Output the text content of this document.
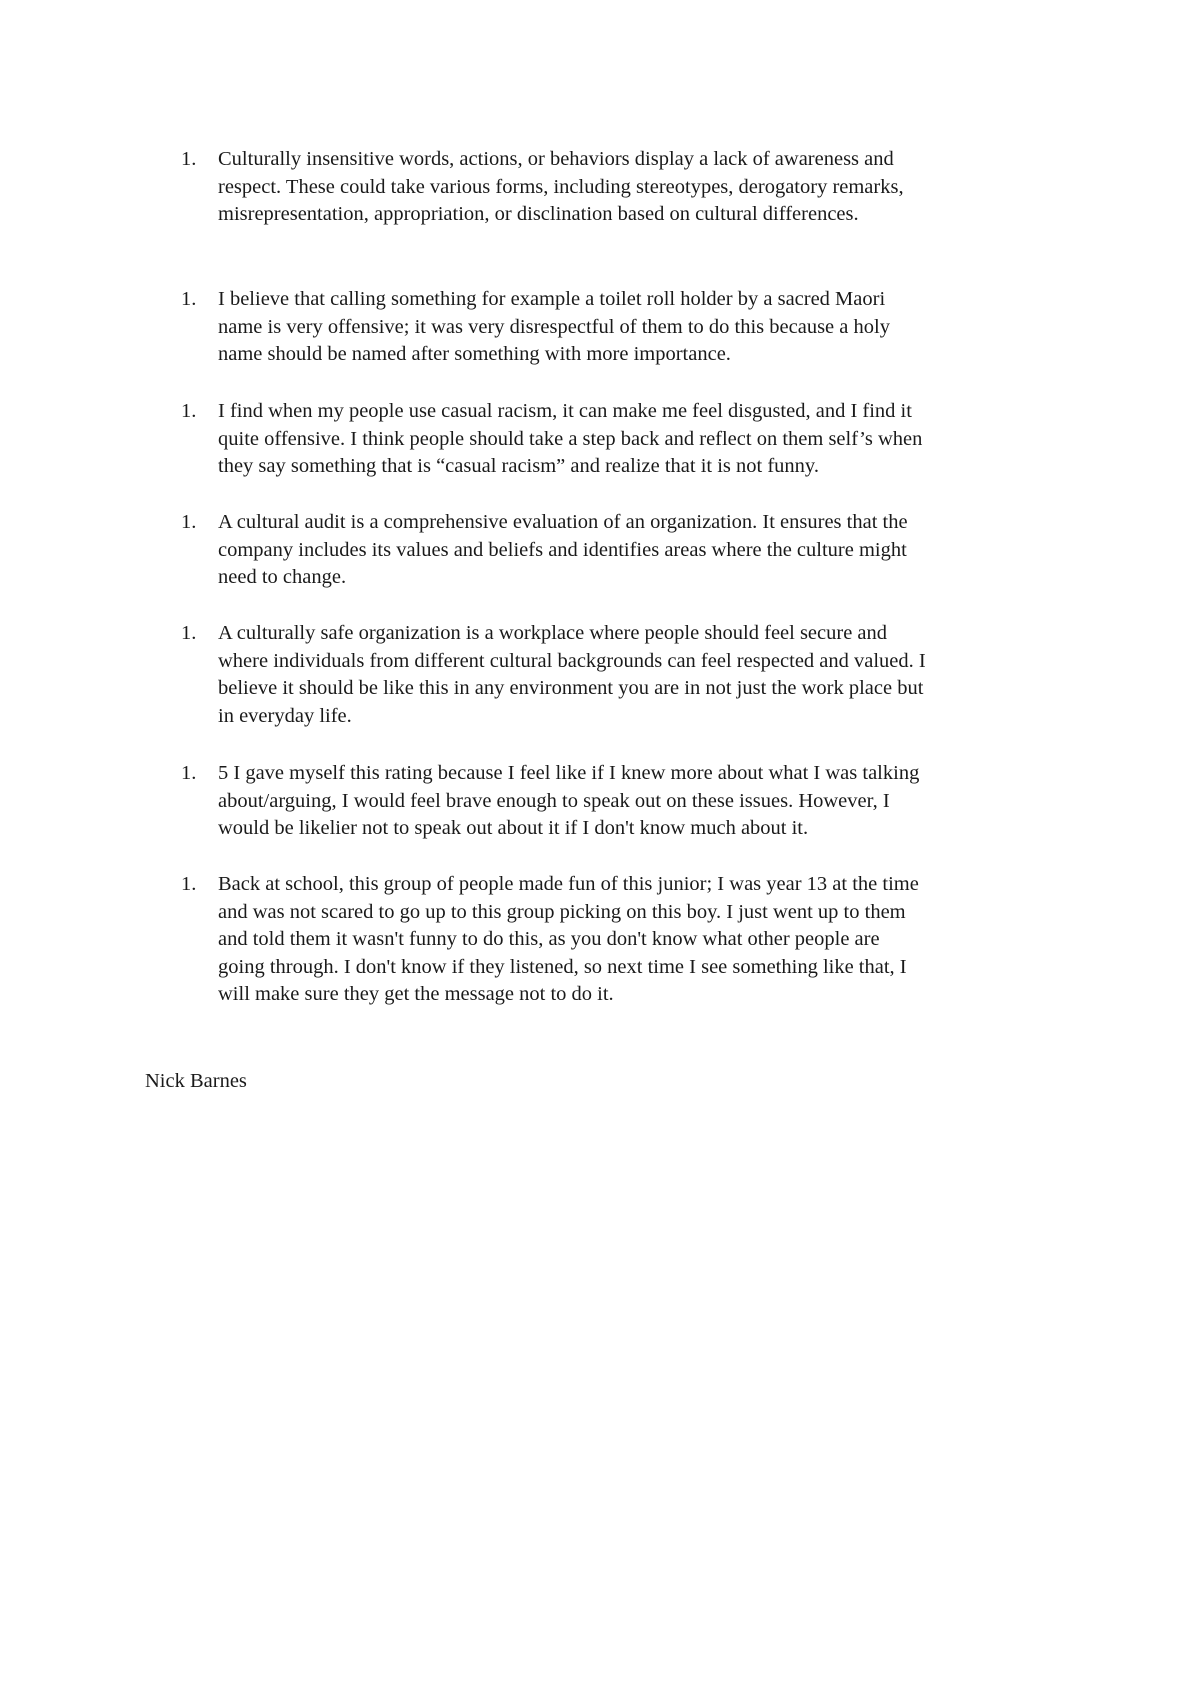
1.	Culturally insensitive words, actions, or behaviors display a lack of awareness and
respect. These could take various forms, including stereotypes, derogatory remarks,
misrepresentation, appropriation, or disclination based on cultural differences.
1.	I believe that calling something for example a toilet roll holder by a sacred Maori
name is very offensive; it was very disrespectful of them to do this because a holy
name should be named after something with more importance.
1.	I find when my people use casual racism, it can make me feel disgusted, and I find it
quite offensive. I think people should take a step back and reflect on them self’s when
they say something that is “casual racism” and realize that it is not funny.
1.	A cultural audit is a comprehensive evaluation of an organization. It ensures that the
company includes its values and beliefs and identifies areas where the culture might
need to change.
1.	A culturally safe organization is a workplace where people should feel secure and
where individuals from different cultural backgrounds can feel respected and valued. I
believe it should be like this in any environment you are in not just the work place but
in everyday life.
1.	5 I gave myself this rating because I feel like if I knew more about what I was talking
about/arguing, I would feel brave enough to speak out on these issues. However, I
would be likelier not to speak out about it if I don't know much about it.
1.	Back at school, this group of people made fun of this junior; I was year 13 at the time
and was not scared to go up to this group picking on this boy. I just went up to them
and told them it wasn't funny to do this, as you don't know what other people are
going through. I don't know if they listened, so next time I see something like that, I
will make sure they get the message not to do it.
Nick Barnes
